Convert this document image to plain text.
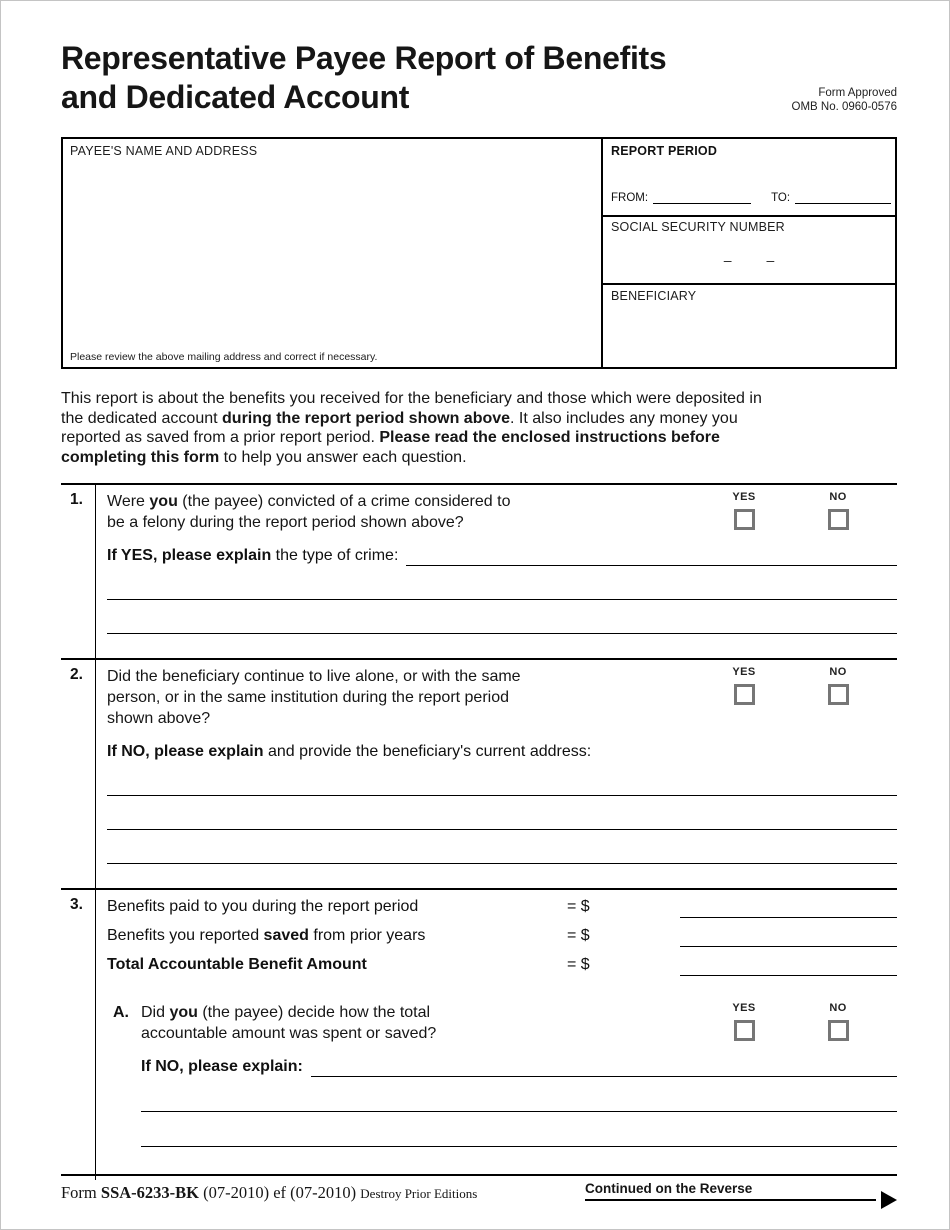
Representative Payee Report of Benefits
and Dedicated Account	Form Approved
OMB No. 0960-0576
PAYEE'S NAME AND ADDRESS
Please review the above mailing address and correct if necessary.
REPORT PERIOD
FROM:	TO:
SOCIAL SECURITY NUMBER
–         –
BENEFICIARY
This report is about the benefits you received for the beneficiary and those which were deposited in
the dedicated account during the report period shown above. It also includes any money you
reported as saved from a prior report period. Please read the enclosed instructions before
completing this form to help you answer each question.
1.	Were you (the payee) convicted of a crime considered to
be a felony during the report period shown above?
YES	NO
If YES, please explain the type of crime:
2.	Did the beneficiary continue to live alone, or with the same
person, or in the same institution during the report period
shown above?
YES	NO
If NO, please explain and provide the beneficiary's current address:
3.	Benefits paid to you during the report period	= $
Benefits you reported saved from prior years	= $
Total Accountable Benefit Amount	= $
A. Did you (the payee) decide how the total
accountable amount was spent or saved?
YES	NO
If NO, please explain:
Form SSA-6233-BK (07-2010) ef (07-2010) Destroy Prior Editions	Continued on the Reverse
